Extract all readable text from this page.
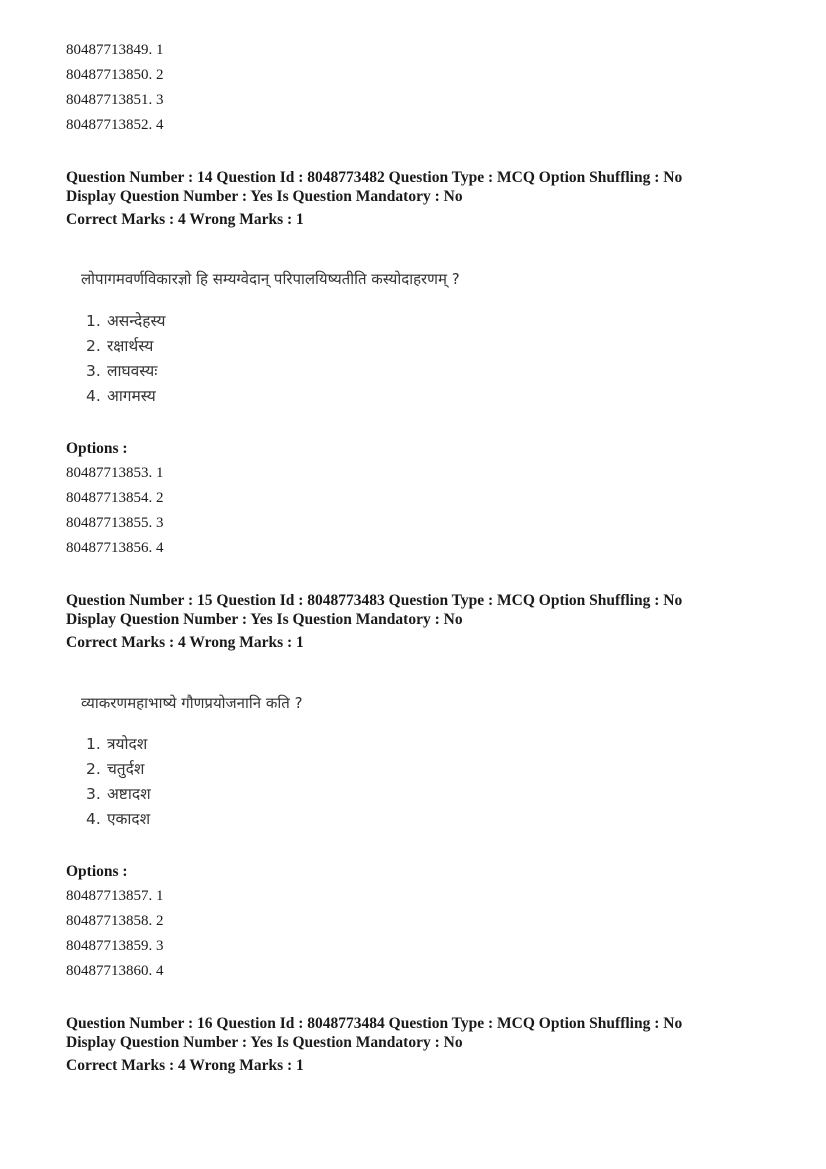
80487713849. 1
80487713850. 2
80487713851. 3
80487713852. 4
Question Number : 14 Question Id : 8048773482 Question Type : MCQ Option Shuffling : No
Display Question Number : Yes Is Question Mandatory : No
Correct Marks : 4 Wrong Marks : 1
लोपागमवर्णविकारज्ञो हि सम्यग्वेदान् परिपालयिष्यतीति कस्योदाहरणम् ?
1. असन्देहस्य
2. रक्षार्थस्य
3. लाघवस्यः
4. आगमस्य
Options :
80487713853. 1
80487713854. 2
80487713855. 3
80487713856. 4
Question Number : 15 Question Id : 8048773483 Question Type : MCQ Option Shuffling : No
Display Question Number : Yes Is Question Mandatory : No
Correct Marks : 4 Wrong Marks : 1
व्याकरणमहाभाष्ये गौणप्रयोजनानि कति ?
1. त्रयोदश
2. चतुर्दश
3. अष्टादश
4. एकादश
Options :
80487713857. 1
80487713858. 2
80487713859. 3
80487713860. 4
Question Number : 16 Question Id : 8048773484 Question Type : MCQ Option Shuffling : No
Display Question Number : Yes Is Question Mandatory : No
Correct Marks : 4 Wrong Marks : 1
